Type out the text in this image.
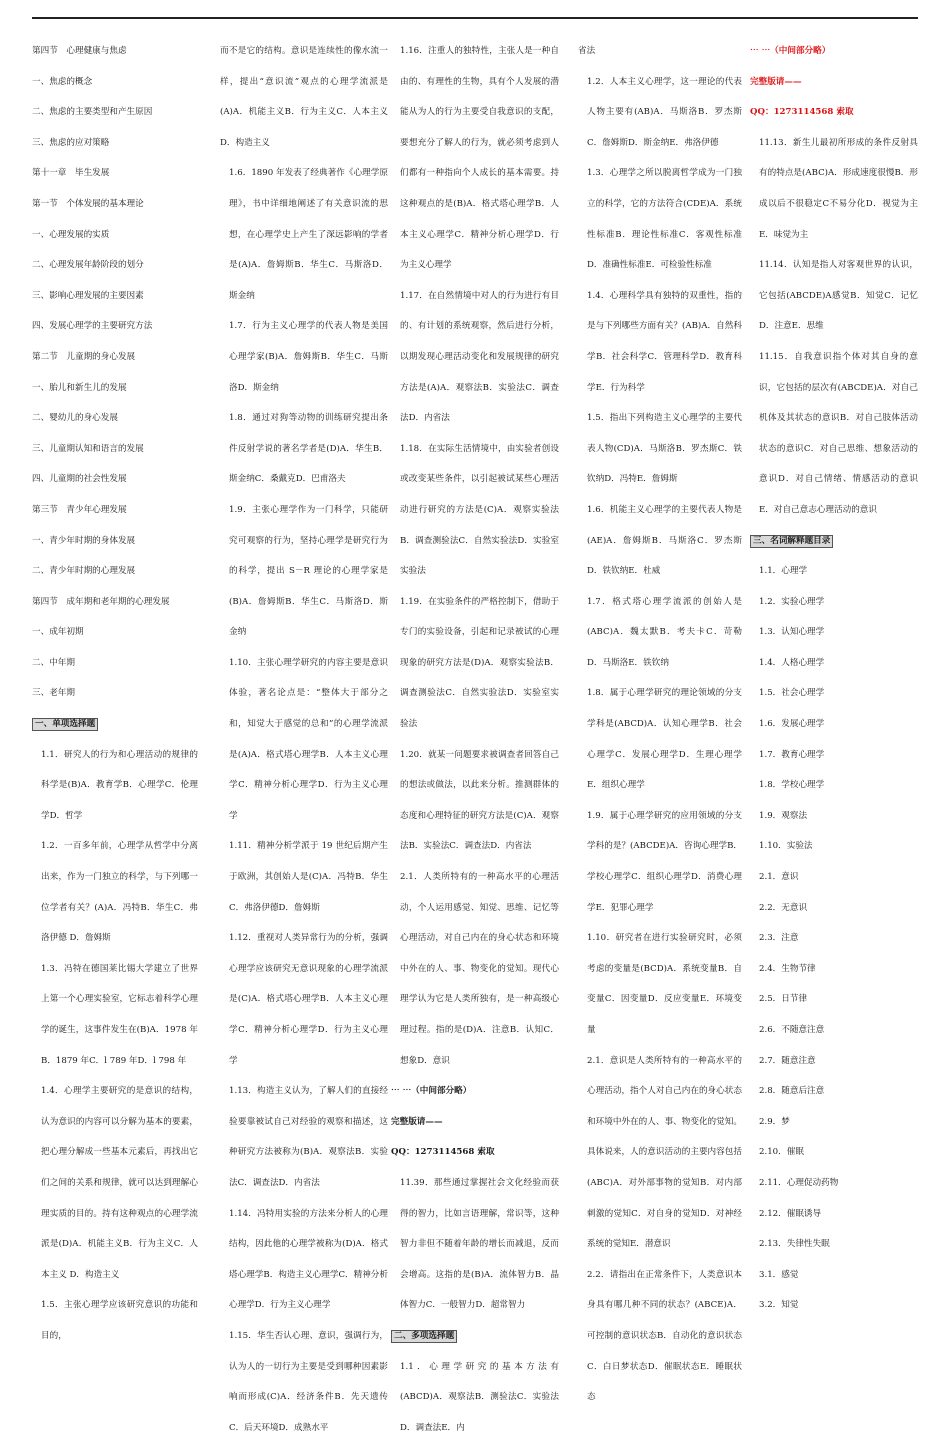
第四节　心理健康与焦虑

一、焦虑的概念

二、焦虑的主要类型和产生原因

三、焦虑的应对策略

第十一章　毕生发展

第一节　个体发展的基本理论

一、心理发展的实质

二、心理发展年龄阶段的划分

三、影响心理发展的主要因素

四、发展心理学的主要研究方法

第二节　儿童期的身心发展

一、胎儿和新生儿的发展

二、婴幼儿的身心发展

三、儿童期认知和语言的发展

四、儿童期的社会性发展

第三节　青少年心理发展

一、青少年时期的身体发展

二、青少年时期的心理发展

第四节　成年期和老年期的心理发展

一、成年初期

二、中年期

三、老年期

一、单项选择题

1.1．研究人的行为和心理活动的规律的科学是(B)A．教育学B．心理学C．伦理学D．哲学

1.2．一百多年前，心理学从哲学中分离出来，作为一门独立的科学，与下列哪一位学者有关？(A)A．冯特B．华生C．弗洛伊德 D．詹姆斯

1.3．冯特在德国莱比锡大学建立了世界上第一个心理实验室，它标志着科学心理学的诞生，这事件发生在(B)A．1978 年B．1879 年C．l 789 年D．l 798 年

1.4．心理学主要研究的是意识的结构，认为意识的内容可以分解为基本的要素，把心理分解成一些基本元素后，再找出它们之间的关系和规律，就可以达到理解心理实质的目的。持有这种观点的心理学流派是(D)A．机能主义B．行为主义C．人本主义 D．构造主义

1.5．主张心理学应该研究意识的功能和目的，

而不是它的结构。意识是连续性的像水流一样，提出“意识流”观点的心理学流派是(A)A．机能主义B．行为主义C．人本主义D．构造主义

1.6．1890 年发表了经典著作《心理学原理》，书中详细地阐述了有关意识流的思想，在心理学史上产生了深远影响的学者是(A)A．詹姆斯B．华生C．马斯洛D．斯金纳

1.7．行为主义心理学的代表人物是美国心理学家(B)A．詹姆斯B．华生C．马斯洛D．斯金纳

1.8．通过对狗等动物的训练研究提出条件反射学说的著名学者是(D)A．华生B．斯金纳C．桑戴克D．巴甫洛夫

1.9．主张心理学作为一门科学，只能研究可观察的行为，坚持心理学是研究行为的科学，提出 S－R 理论的心理学家是(B)A．詹姆斯B．华生C．马斯洛D．斯金纳

1.10．主张心理学研究的内容主要是意识体验，著名论点是：“整体大于部分之和，知觉大于感觉的总和”的心理学流派是(A)A．格式塔心理学B．人本主义心理学C．精神分析心理学D．行为主义心理学

1.11．精神分析学派于 19 世纪后期产生于欧洲，其创始人是(C)A．冯特B．华生C．弗洛伊德D．詹姆斯

1.12．重视对人类异常行为的分析，强调心理学应该研究无意识现象的心理学流派是(C)A．格式塔心理学B．人本主义心理学C．精神分析心理学D．行为主义心理学

1.13．构造主义认为，了解人们的直接经验要靠被试自己对经验的观察和描述，这种研究方法被称为(B)A．观察法B．实验法C．调查法D．内省法

1.14．冯特用实验的方法来分析人的心理结构，因此他的心理学被称为(D)A．格式塔心理学B．构造主义心理学C．精神分析心理学D．行为主义心理学

1.15．华生否认心理、意识，强调行为，认为人的一切行为主要是受到哪种因素影响而形成(C)A．经济条件B．先天遗传C．后天环境D．成熟水平

1.16．注重人的独特性，主张人是一种自由的、有理性的生物，具有个人发展的潜能从为人的行为主要受自我意识的支配，要想充分了解人的行为，就必须考虑到人们都有一种指向个人成长的基本需要。持这种观点的是(B)A．格式塔心理学B．人本主义心理学C．精神分析心理学D．行为主义心理学

1.17．在自然情境中对人的行为进行有目的、有计划的系统观察，然后进行分析，以期发现心理活动变化和发展规律的研究方法是(A)A．观察法B．实验法C．调查法D．内省法

1.18．在实际生活情境中，由实验者创设或改变某些条件，以引起被试某些心理活动进行研究的方法是(C)A．观察实验法B．调查测验法C．自然实验法D．实验室实验法

1.19．在实验条件的严格控制下，借助于专门的实验设备，引起和记录被试的心理现象的研究方法是(D)A．观察实验法B．调查测验法C．自然实验法D．实验室实验法

1.20．就某一问题要求被调查者回答自己的想法或做法，以此来分析。推测群体的态度和心理特征的研究方法是(C)A．观察法B．实验法C．调查法D．内省法

2.1．人类所特有的一种高水平的心理活动，个人运用感觉、知觉、思维、记忆等心理活动，对自己内在的身心状态和环境中外在的人、事、物变化的觉知。现代心理学认为它是人类所独有，是一种高级心理过程。指的是(D)A．注意B．认知C．想象D．意识

⋯ ⋯（中间部分略）

完整版请——

QQ：1273114568 索取

11.39．那些通过掌握社会文化经验而获得的智力，比如言语理解，常识等，这种智力非但不随着年龄的增长而减退，反而会增高。这指的是(B)A．流体智力B．晶体智力C．一般智力D．超常智力

二、多项选择题

1.1．心理学研究的基本方法有(ABCD)A．观察法B．测验法C．实验法D．调查法E．内

省法

1.2．人本主义心理学，这一理论的代表人物主要有(AB)A．马斯洛B．罗杰斯C．詹姆斯D．斯金纳E．弗洛伊德

1.3．心理学之所以脱离哲学成为一门独立的科学，它的方法符合(CDE)A．系统性标准B．理论性标准C．客观性标准D．准确性标准E．可检验性标准

1.4．心理科学具有独特的双重性，指的是与下列哪些方面有关？(AB)A．自然科学B．社会科学C．管理科学D．教育科学E．行为科学

1.5．指出下列构造主义心理学的主要代表人物(CD)A．马斯洛B．罗杰斯C．铁钦纳D．冯特E．詹姆斯

1.6．机能主义心理学的主要代表人物是(AE)A．詹姆斯B．马斯洛C．罗杰斯D．铁钦纳E．杜威

1.7．格式塔心理学流派的创始人是(ABC)A．魏太默B．考夫卡C．苛勒D．马斯洛E．铁钦纳

1.8．属于心理学研究的理论领域的分支学科是(ABCD)A．认知心理学B．社会心理学C．发展心理学D．生理心理学E．组织心理学

1.9．属于心理学研究的应用领域的分支学科的是？(ABCDE)A．咨询心理学B．学校心理学C．组织心理学D．消费心理学E．犯罪心理学

1.10．研究者在进行实验研究时，必须考虑的变量是(BCD)A．系统变量B．自变量C．因变量D．反应变量E．环境变量

2.1．意识是人类所特有的一种高水平的心理活动，指个人对自己内在的身心状态和环境中外在的人、事、物变化的觉知。具体说来，人的意识活动的主要内容包括(ABC)A．对外部事物的觉知B．对内部刺激的觉知C．对自身的觉知D．对神经系统的觉知E．潜意识

2.2．请指出在正常条件下，人类意识本身具有哪几种不同的状态？(ABCE)A．可控制的意识状态B．自动化的意识状态C．白日梦状态D．催眠状态E．睡眠状态

⋯ ⋯（中间部分略）

完整版请——

QQ：1273114568 索取

11.13．新生儿最初所形成的条件反射具有的特点是(ABC)A．形成速度很慢B．形成以后不很稳定C不易分化D．视觉为主E．味觉为主

11.14．认知是指人对客观世界的认识，它包括(ABCDE)A感觉B．知觉C．记忆D．注意E．思维

11.15．自我意识指个体对其自身的意识，它包括的层次有(ABCDE)A．对自己机体及其状态的意识B．对自己肢体活动状态的意识C．对自己思维、想象活动的意识D．对自己情绪、情感活动的意识E．对自己意志心理活动的意识

三、名词解释题目录

1.1．心理学

1.2．实验心理学

1.3．认知心理学

1.4．人格心理学

1.5．社会心理学

1.6．发展心理学

1.7．教育心理学

1.8．学校心理学

1.9．观察法

1.10．实验法

2.1．意识

2.2．无意识

2.3．注意

2.4．生物节律

2.5．日节律

2.6．不随意注意

2.7．随意注意

2.8．随意后注意

2.9．梦

2.10．催眠

2.11．心理促动药物

2.12．催眠诱导

2.13．失律性失眠

3.1．感觉

3.2．知觉
